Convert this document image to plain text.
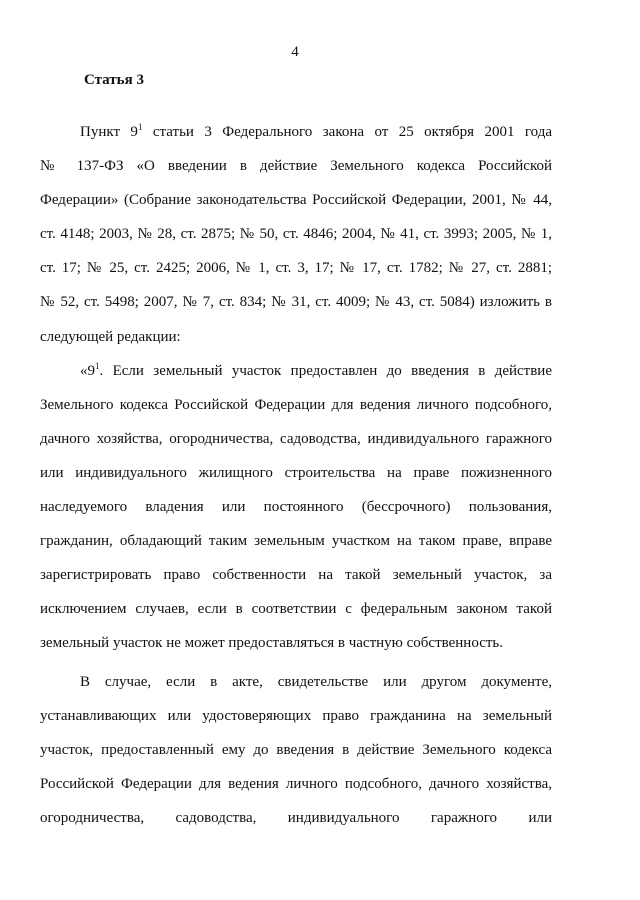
4
Статья 3
Пункт $9^1$ статьи 3 Федерального закона от 25 октября 2001 года
№ 137-ФЗ «О введении в действие Земельного кодекса Российской
Федерации» (Собрание законодательства Российской Федерации, 2001, № 44,
ст. 4148; 2003, № 28, ст. 2875; № 50, ст. 4846; 2004, № 41, ст. 3993; 2005, № 1,
ст. 17; № 25, ст. 2425; 2006, № 1, ст. 3, 17; № 17, ст. 1782; № 27, ст. 2881;
№ 52, ст. 5498; 2007, № 7, ст. 834; № 31, ст. 4009; № 43, ст. 5084) изложить в
следующей редакции:
«$9^1$. Если земельный участок предоставлен до введения в действие
Земельного кодекса Российской Федерации для ведения личного подсобного,
дачного хозяйства, огородничества, садоводства, индивидуального гаражного
или индивидуального жилищного строительства на праве пожизненного
наследуемого владения или постоянного (бессрочного) пользования,
гражданин, обладающий таким земельным участком на таком праве, вправе
зарегистрировать право собственности на такой земельный участок, за
исключением случаев, если в соответствии с федеральным законом такой
земельный участок не может предоставляться в частную собственность.
В случае, если в акте, свидетельстве или другом документе,
устанавливающих или удостоверяющих право гражданина на земельный
участок, предоставленный ему до введения в действие Земельного кодекса
Российской Федерации для ведения личного подсобного, дачного хозяйства,
огородничества, садоводства, индивидуального гаражного или
